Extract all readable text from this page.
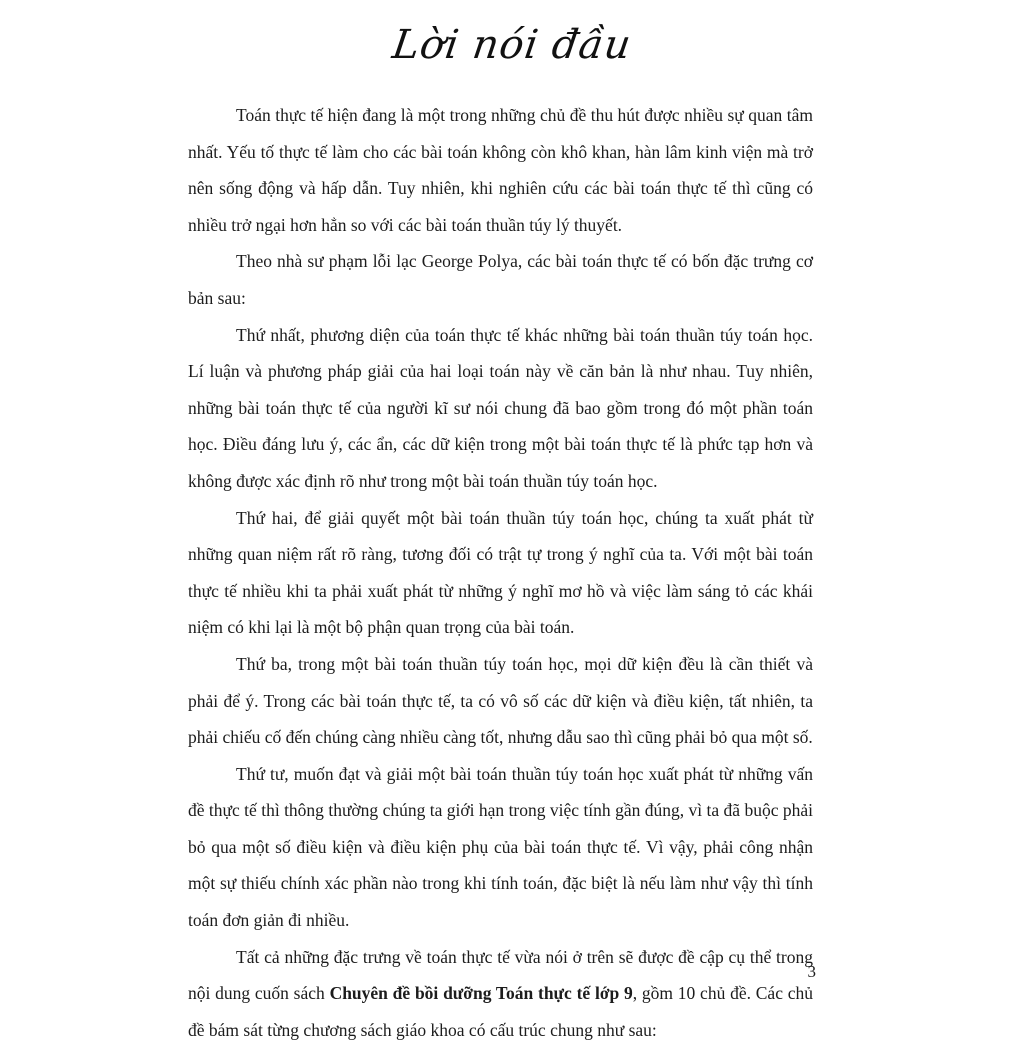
Lời nói đầu

Toán thực tế hiện đang là một trong những chủ đề thu hút được nhiều sự quan tâm nhất. Yếu tố thực tế làm cho các bài toán không còn khô khan, hàn lâm kinh viện mà trở nên sống động và hấp dẫn. Tuy nhiên, khi nghiên cứu các bài toán thực tế thì cũng có nhiều trở ngại hơn hẳn so với các bài toán thuần túy lý thuyết.

Theo nhà sư phạm lỗi lạc George Polya, các bài toán thực tế có bốn đặc trưng cơ bản sau:

Thứ nhất, phương diện của toán thực tế khác những bài toán thuần túy toán học. Lí luận và phương pháp giải của hai loại toán này về căn bản là như nhau. Tuy nhiên, những bài toán thực tế của người kĩ sư nói chung đã bao gồm trong đó một phần toán học. Điều đáng lưu ý, các ẩn, các dữ kiện trong một bài toán thực tế là phức tạp hơn và không được xác định rõ như trong một bài toán thuần túy toán học.

Thứ hai, để giải quyết một bài toán thuần túy toán học, chúng ta xuất phát từ những quan niệm rất rõ ràng, tương đối có trật tự trong ý nghĩ của ta. Với một bài toán thực tế nhiều khi ta phải xuất phát từ những ý nghĩ mơ hồ và việc làm sáng tỏ các khái niệm có khi lại là một bộ phận quan trọng của bài toán.

Thứ ba, trong một bài toán thuần túy toán học, mọi dữ kiện đều là cần thiết và phải để ý. Trong các bài toán thực tế, ta có vô số các dữ kiện và điều kiện, tất nhiên, ta phải chiếu cố đến chúng càng nhiều càng tốt, nhưng dẫu sao thì cũng phải bỏ qua một số.

Thứ tư, muốn đạt và giải một bài toán thuần túy toán học xuất phát từ những vấn đề thực tế thì thông thường chúng ta giới hạn trong việc tính gần đúng, vì ta đã buộc phải bỏ qua một số điều kiện và điều kiện phụ của bài toán thực tế. Vì vậy, phải công nhận một sự thiếu chính xác phần nào trong khi tính toán, đặc biệt là nếu làm như vậy thì tính toán đơn giản đi nhiều.

Tất cả những đặc trưng về toán thực tế vừa nói ở trên sẽ được đề cập cụ thể trong nội dung cuốn sách Chuyên đề bồi dưỡng Toán thực tế lớp 9, gồm 10 chủ đề. Các chủ đề bám sát từng chương sách giáo khoa có cấu trúc chung như sau:

3
